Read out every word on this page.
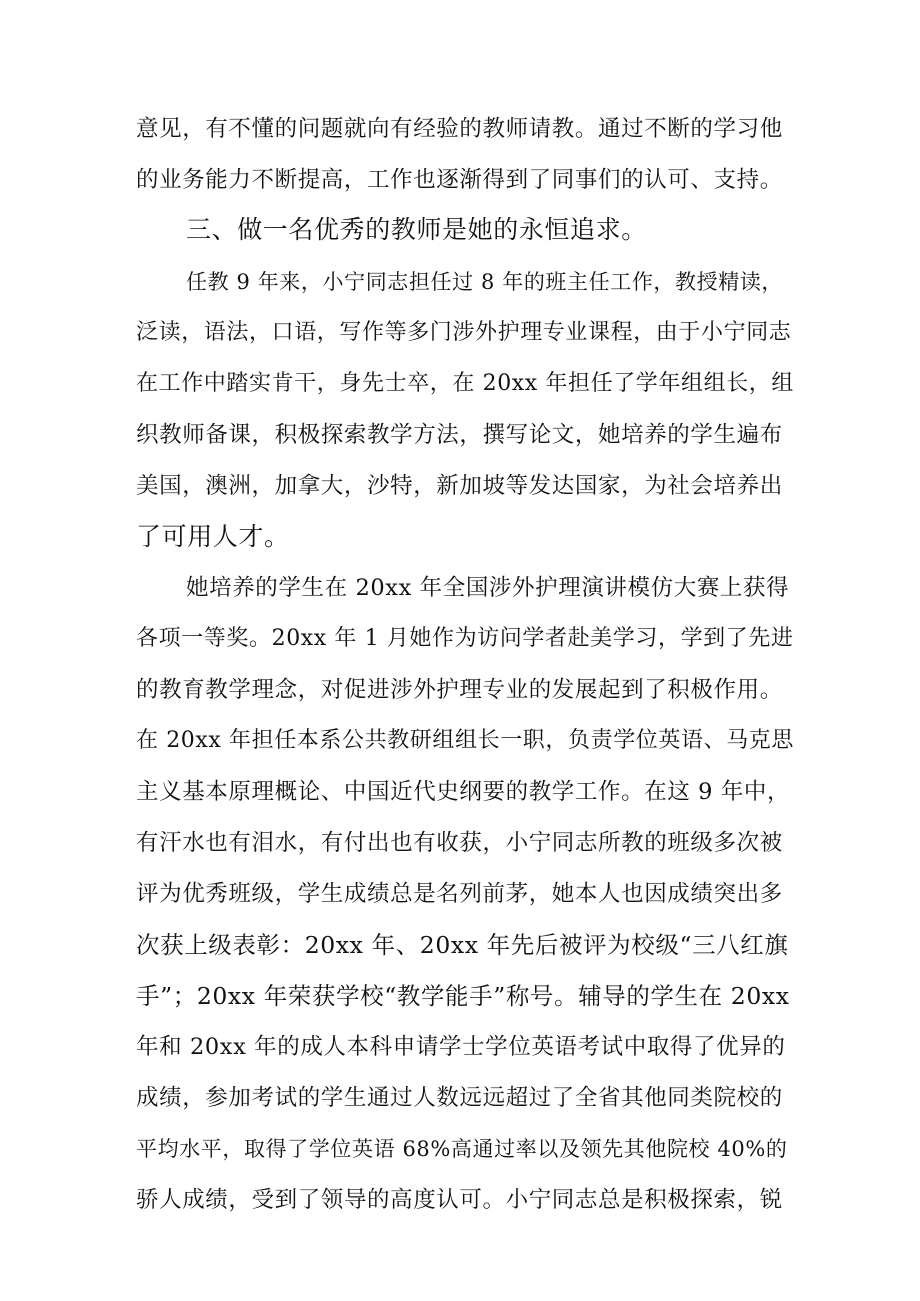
意见，有不懂的问题就向有经验的教师请教。通过不断的学习他
的业务能力不断提高，工作也逐渐得到了同事们的认可、支持。
三、做一名优秀的教师是她的永恒追求。
任教 9 年来，小宁同志担任过 8 年的班主任工作，教授精读，
泛读，语法，口语，写作等多门涉外护理专业课程，由于小宁同志
在工作中踏实肯干，身先士卒，在 20xx 年担任了学年组组长，组
织教师备课，积极探索教学方法，撰写论文，她培养的学生遍布
美国，澳洲，加拿大，沙特，新加坡等发达国家，为社会培养出
了可用人才。
她培养的学生在 20xx 年全国涉外护理演讲模仿大赛上获得
各项一等奖。20xx 年 1 月她作为访问学者赴美学习，学到了先进
的教育教学理念，对促进涉外护理专业的发展起到了积极作用。
在 20xx 年担任本系公共教研组组长一职，负责学位英语、马克思
主义基本原理概论、中国近代史纲要的教学工作。在这 9 年中，
有汗水也有泪水，有付出也有收获，小宁同志所教的班级多次被
评为优秀班级，学生成绩总是名列前茅，她本人也因成绩突出多
次获上级表彰：20xx 年、20xx 年先后被评为校级“三八红旗
手”；20xx 年荣获学校“教学能手”称号。辅导的学生在 20xx
年和 20xx 年的成人本科申请学士学位英语考试中取得了优异的
成绩，参加考试的学生通过人数远远超过了全省其他同类院校的
平均水平，取得了学位英语 68%高通过率以及领先其他院校 40%的
骄人成绩，受到了领导的高度认可。小宁同志总是积极探索，锐
